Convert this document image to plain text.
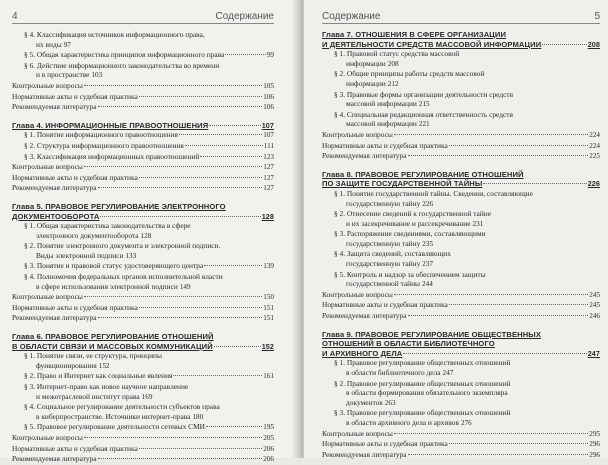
4	Содержание
§ 4. Классификация источников информационного права,
их виды 97
§ 5. Общая характеристика принципов информационного права	99
§ 6. Действие информационного законодательства во времени
и в пространстве 103
Контрольные вопросы	105
Нормативные акты и судебная практика	106
Рекомендуемая литература	106
Глава 4. ИНФОРМАЦИОННЫЕ ПРАВООТНОШЕНИЯ	107
§ 1. Понятие информационного правоотношения	107
§ 2. Структура информационного правоотношения	111
§ 3. Классификация информационных правоотношений	123
Контрольные вопросы	127
Нормативные акты и судебная практика	127
Рекомендуемая литература	127
Глава 5. ПРАВОВОЕ РЕГУЛИРОВАНИЕ ЭЛЕКТРОННОГО
ДОКУМЕНТООБОРОТА	128
§ 1. Общая характеристика законодательства в сфере
электронного документооборота 128
§ 2. Понятие электронного документа и электронной подписи.
Виды электронной подписи 133
§ 3. Понятие и правовой статус удостоверяющего центра	139
§ 4. Полномочия федеральных органов исполнительной власти
в сфере использования электронной подписи 149
Контрольные вопросы	150
Нормативные акты и судебная практика	151
Рекомендуемая литература	151
Глава 6. ПРАВОВОЕ РЕГУЛИРОВАНИЕ ОТНОШЕНИЙ
В ОБЛАСТИ СВЯЗИ И МАССОВЫХ КОММУНИКАЦИЙ	152
§ 1. Понятие связи, ее структура, принципы
функционирования 152
§ 2. Право и Интернет как социальные явления	161
§ 3. Интернет-право как новое научное направление
и межотраслевой институт права 169
§ 4. Социальное регулирование деятельности субъектов права
в киберпространстве. Источники интернет-права 180
§ 5. Правовое регулирование деятельности сетевых СМИ	195
Контрольные вопросы	205
Нормативные акты и судебная практика	206
Рекомендуемая литература	206
Содержание	5
Глава 7. ОТНОШЕНИЯ В СФЕРЕ ОРГАНИЗАЦИИ
И ДЕЯТЕЛЬНОСТИ СРЕДСТВ МАССОВОЙ ИНФОРМАЦИИ	208
§ 1. Правовой статус средства массовой
информации 208
§ 2. Общие принципы работы средств массовой
информации 212
§ 3. Правовые формы организации деятельности средств
массовой информации 215
§ 4. Специальная редакционная ответственность средств
массовой информации 221
Контрольные вопросы	224
Нормативные акты и судебная практика	224
Рекомендуемая литература	225
Глава 8. ПРАВОВОЕ РЕГУЛИРОВАНИЕ ОТНОШЕНИЙ
ПО ЗАЩИТЕ ГОСУДАРСТВЕННОЙ ТАЙНЫ	226
§ 1. Понятие государственной тайны. Сведения, составляющие
государственную тайну 226
§ 2. Отнесение сведений к государственной тайне
и их засекречивание и рассекречивание 231
§ 3. Распоряжение сведениями, составляющими
государственную тайну 235
§ 4. Защита сведений, составляющих
государственную тайну 237
§ 5. Контроль и надзор за обеспечением защиты
государственной тайны 244
Контрольные вопросы	245
Нормативные акты и судебная практика	245
Рекомендуемая литература	246
Глава 9. ПРАВОВОЕ РЕГУЛИРОВАНИЕ ОБЩЕСТВЕННЫХ
ОТНОШЕНИЙ В ОБЛАСТИ БИБЛИОТЕЧНОГО
И АРХИВНОГО ДЕЛА	247
§ 1. Правовое регулирование общественных отношений
в области библиотечного дела 247
§ 2. Правовое регулирование общественных отношений
в области формирования обязательного экземпляра
документов 263
§ 3. Правовое регулирование общественных отношений
в области архивного дела и архивов 276
Контрольные вопросы	295
Нормативные акты и судебная практика	296
Рекомендуемая литература	296
